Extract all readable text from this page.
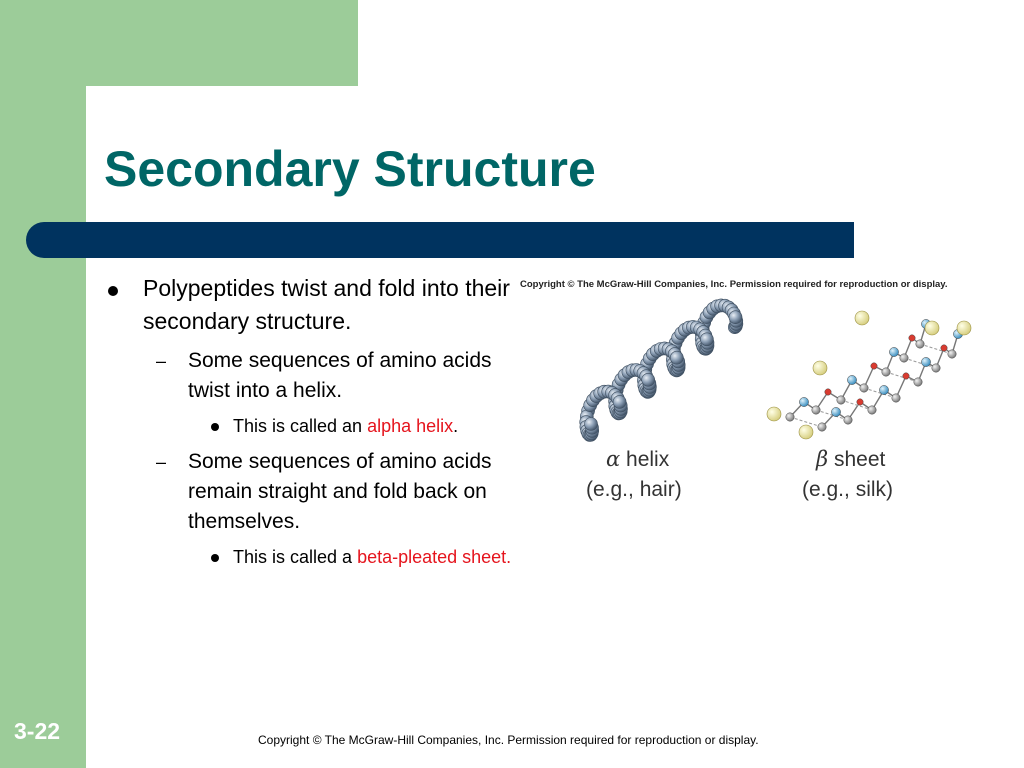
Secondary Structure
Polypeptides twist and fold into their secondary structure.
– Some sequences of amino acids twist into a helix.
This is called an alpha helix.
– Some sequences of amino acids remain straight and fold back on themselves.
This is called a beta-pleated sheet.
Copyright © The McGraw-Hill Companies, Inc. Permission required for reproduction or display.
α helix
(e.g., hair)
β sheet
(e.g., silk)
3-22	Copyright © The McGraw-Hill Companies, Inc. Permission required for reproduction or display.
